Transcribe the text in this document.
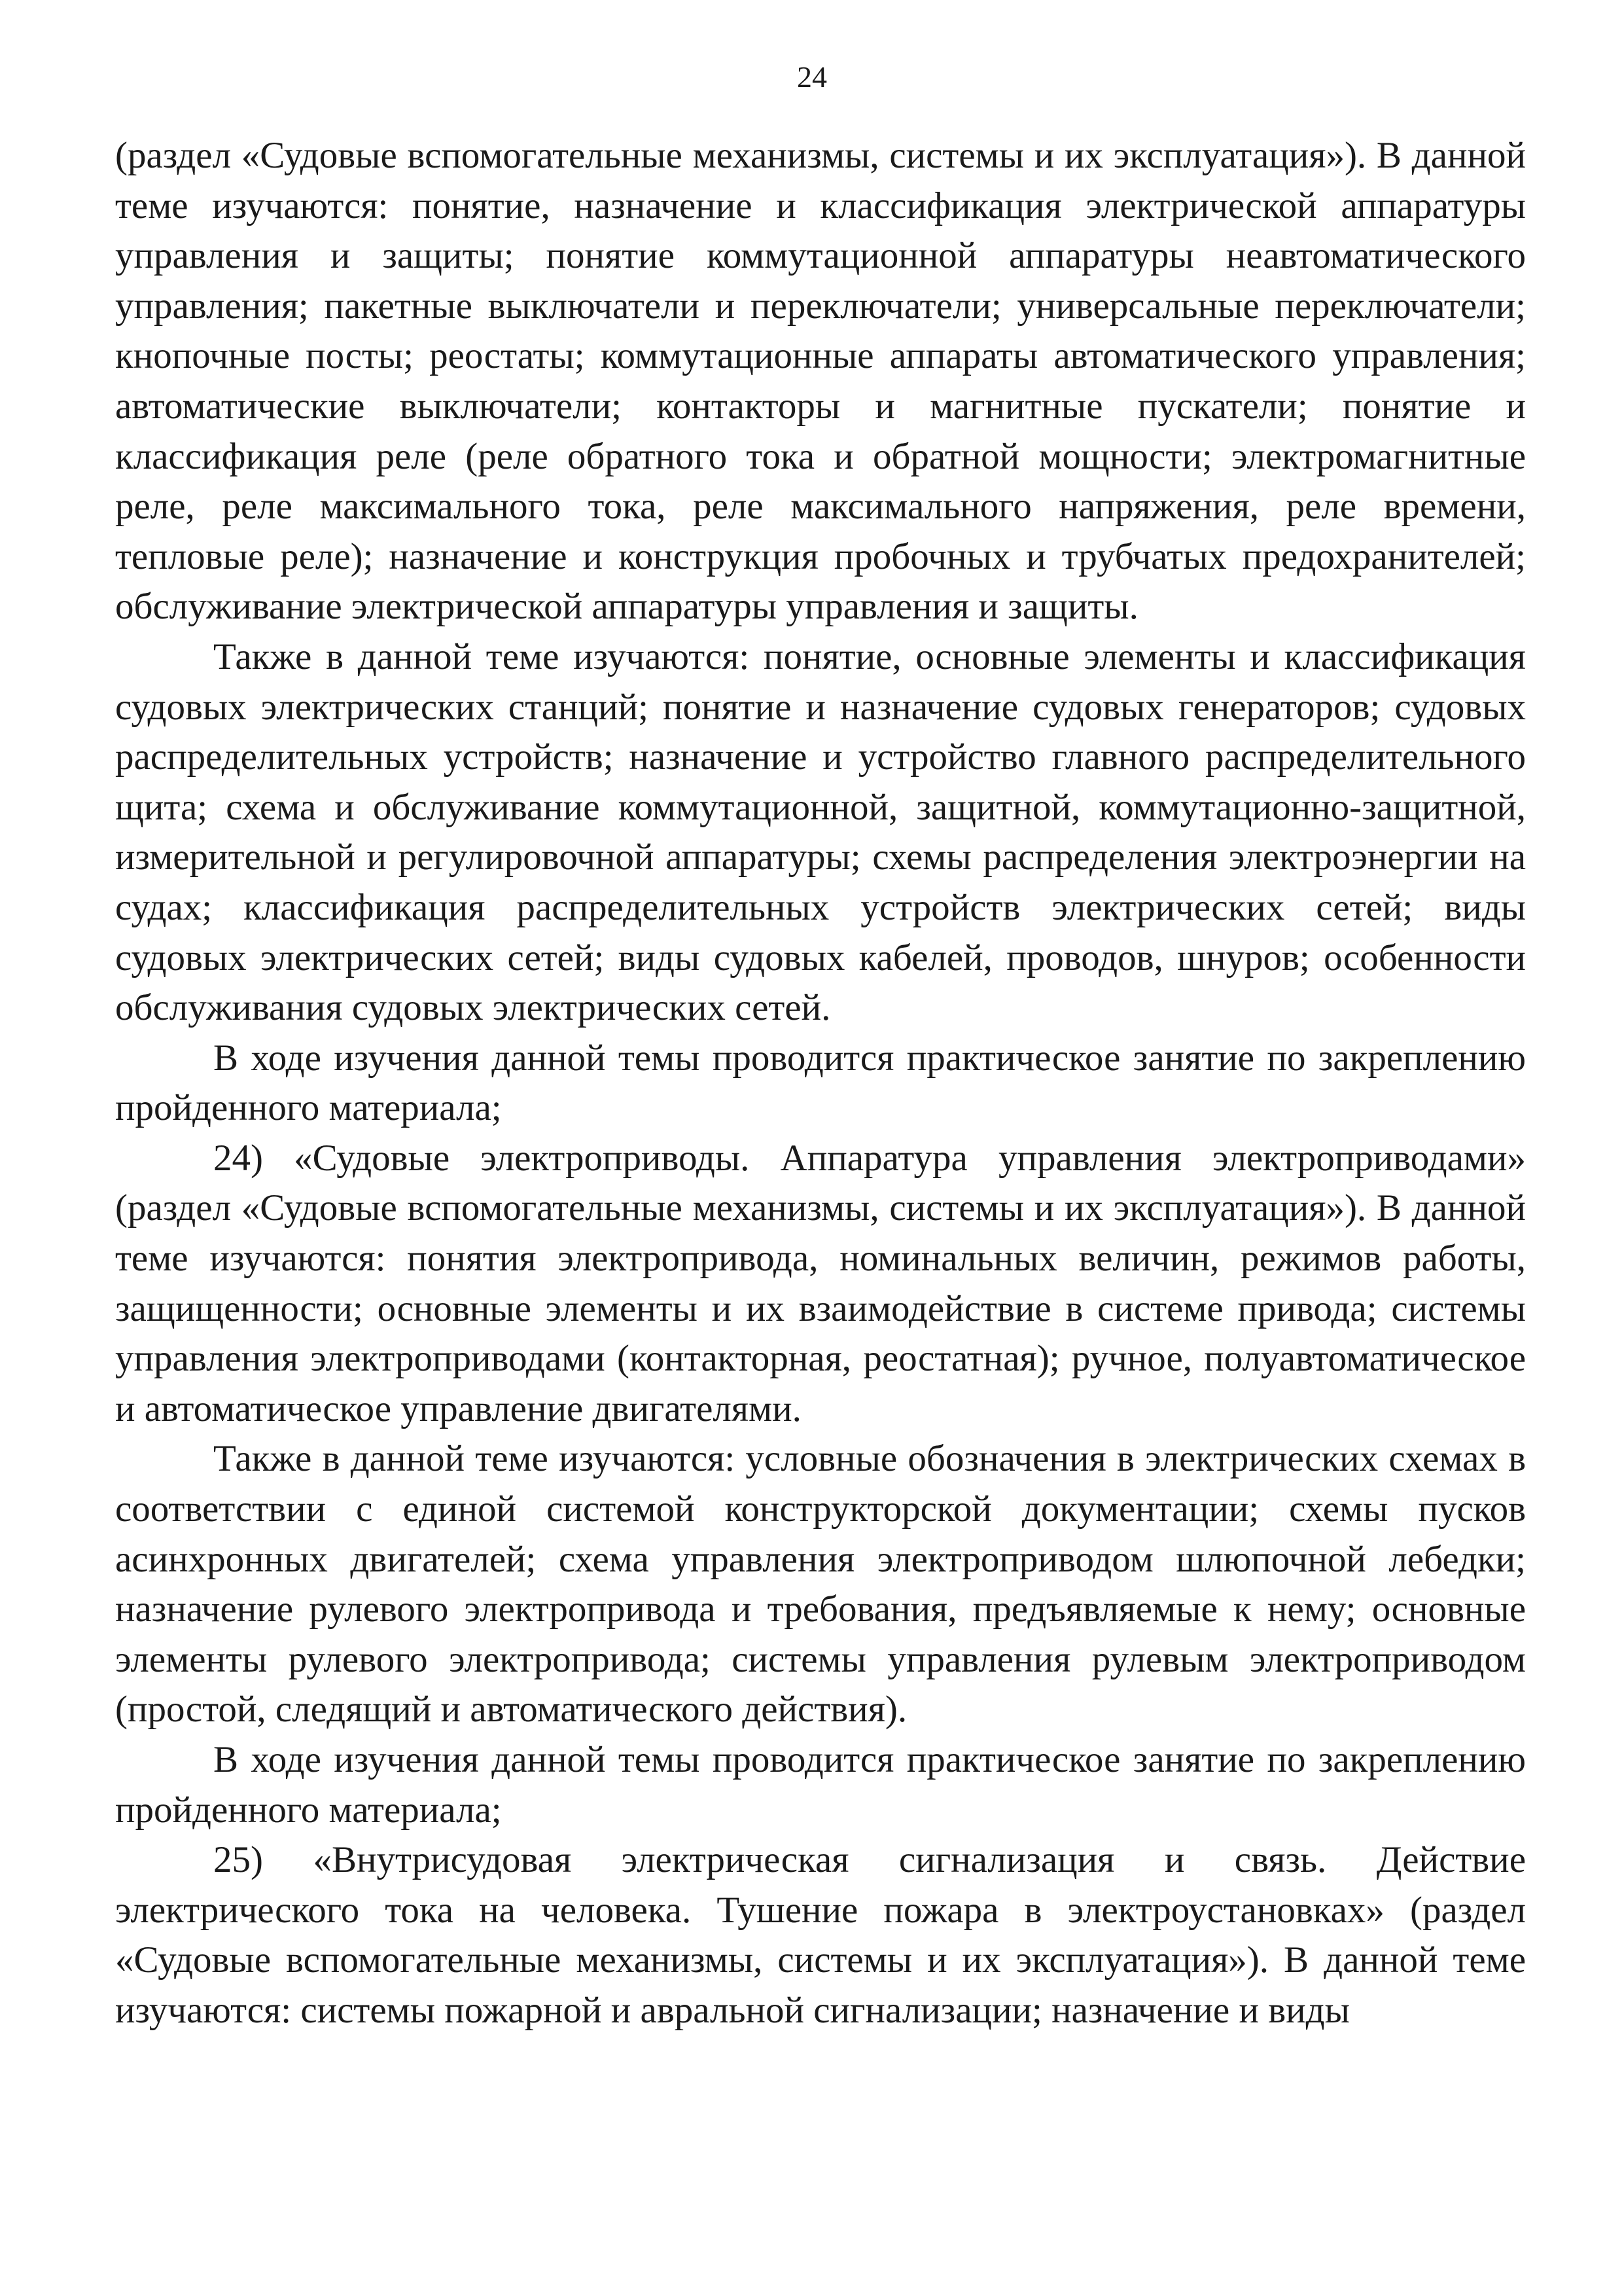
24

(раздел «Судовые вспомогательные механизмы, системы и их эксплуатация»). В данной теме изучаются: понятие, назначение и классификация электрической аппаратуры управления и защиты; понятие коммутационной аппаратуры неавтоматического управления; пакетные выключатели и переключатели; универсальные переключатели; кнопочные посты; реостаты; коммутационные аппараты автоматического управления; автоматические выключатели; контакторы и магнитные пускатели; понятие и классификация реле (реле обратного тока и обратной мощности; электромагнитные реле, реле максимального тока, реле максимального напряжения, реле времени, тепловые реле); назначение и конструкция пробочных и трубчатых предохранителей; обслуживание электрической аппаратуры управления и защиты.

Также в данной теме изучаются: понятие, основные элементы и классификация судовых электрических станций; понятие и назначение судовых генераторов; судовых распределительных устройств; назначение и устройство главного распределительного щита; схема и обслуживание коммутационной, защитной, коммутационно-защитной, измерительной и регулировочной аппаратуры; схемы распределения электроэнергии на судах; классификация распределительных устройств электрических сетей; виды судовых электрических сетей; виды судовых кабелей, проводов, шнуров; особенности обслуживания судовых электрических сетей.

В ходе изучения данной темы проводится практическое занятие по закреплению пройденного материала;

24) «Судовые электроприводы. Аппаратура управления электроприводами» (раздел «Судовые вспомогательные механизмы, системы и их эксплуатация»). В данной теме изучаются: понятия электропривода, номинальных величин, режимов работы, защищенности; основные элементы и их взаимодействие в системе привода; системы управления электроприводами (контакторная, реостатная); ручное, полуавтоматическое и автоматическое управление двигателями.

Также в данной теме изучаются: условные обозначения в электрических схемах в соответствии с единой системой конструкторской документации; схемы пусков асинхронных двигателей; схема управления электроприводом шлюпочной лебедки; назначение рулевого электропривода и требования, предъявляемые к нему; основные элементы рулевого электропривода; системы управления рулевым электроприводом (простой, следящий и автоматического действия).

В ходе изучения данной темы проводится практическое занятие по закреплению пройденного материала;

25) «Внутрисудовая электрическая сигнализация и связь. Действие электрического тока на человека. Тушение пожара в электроустановках» (раздел «Судовые вспомогательные механизмы, системы и их эксплуатация»). В данной теме изучаются: системы пожарной и авральной сигнализации; назначение и виды
